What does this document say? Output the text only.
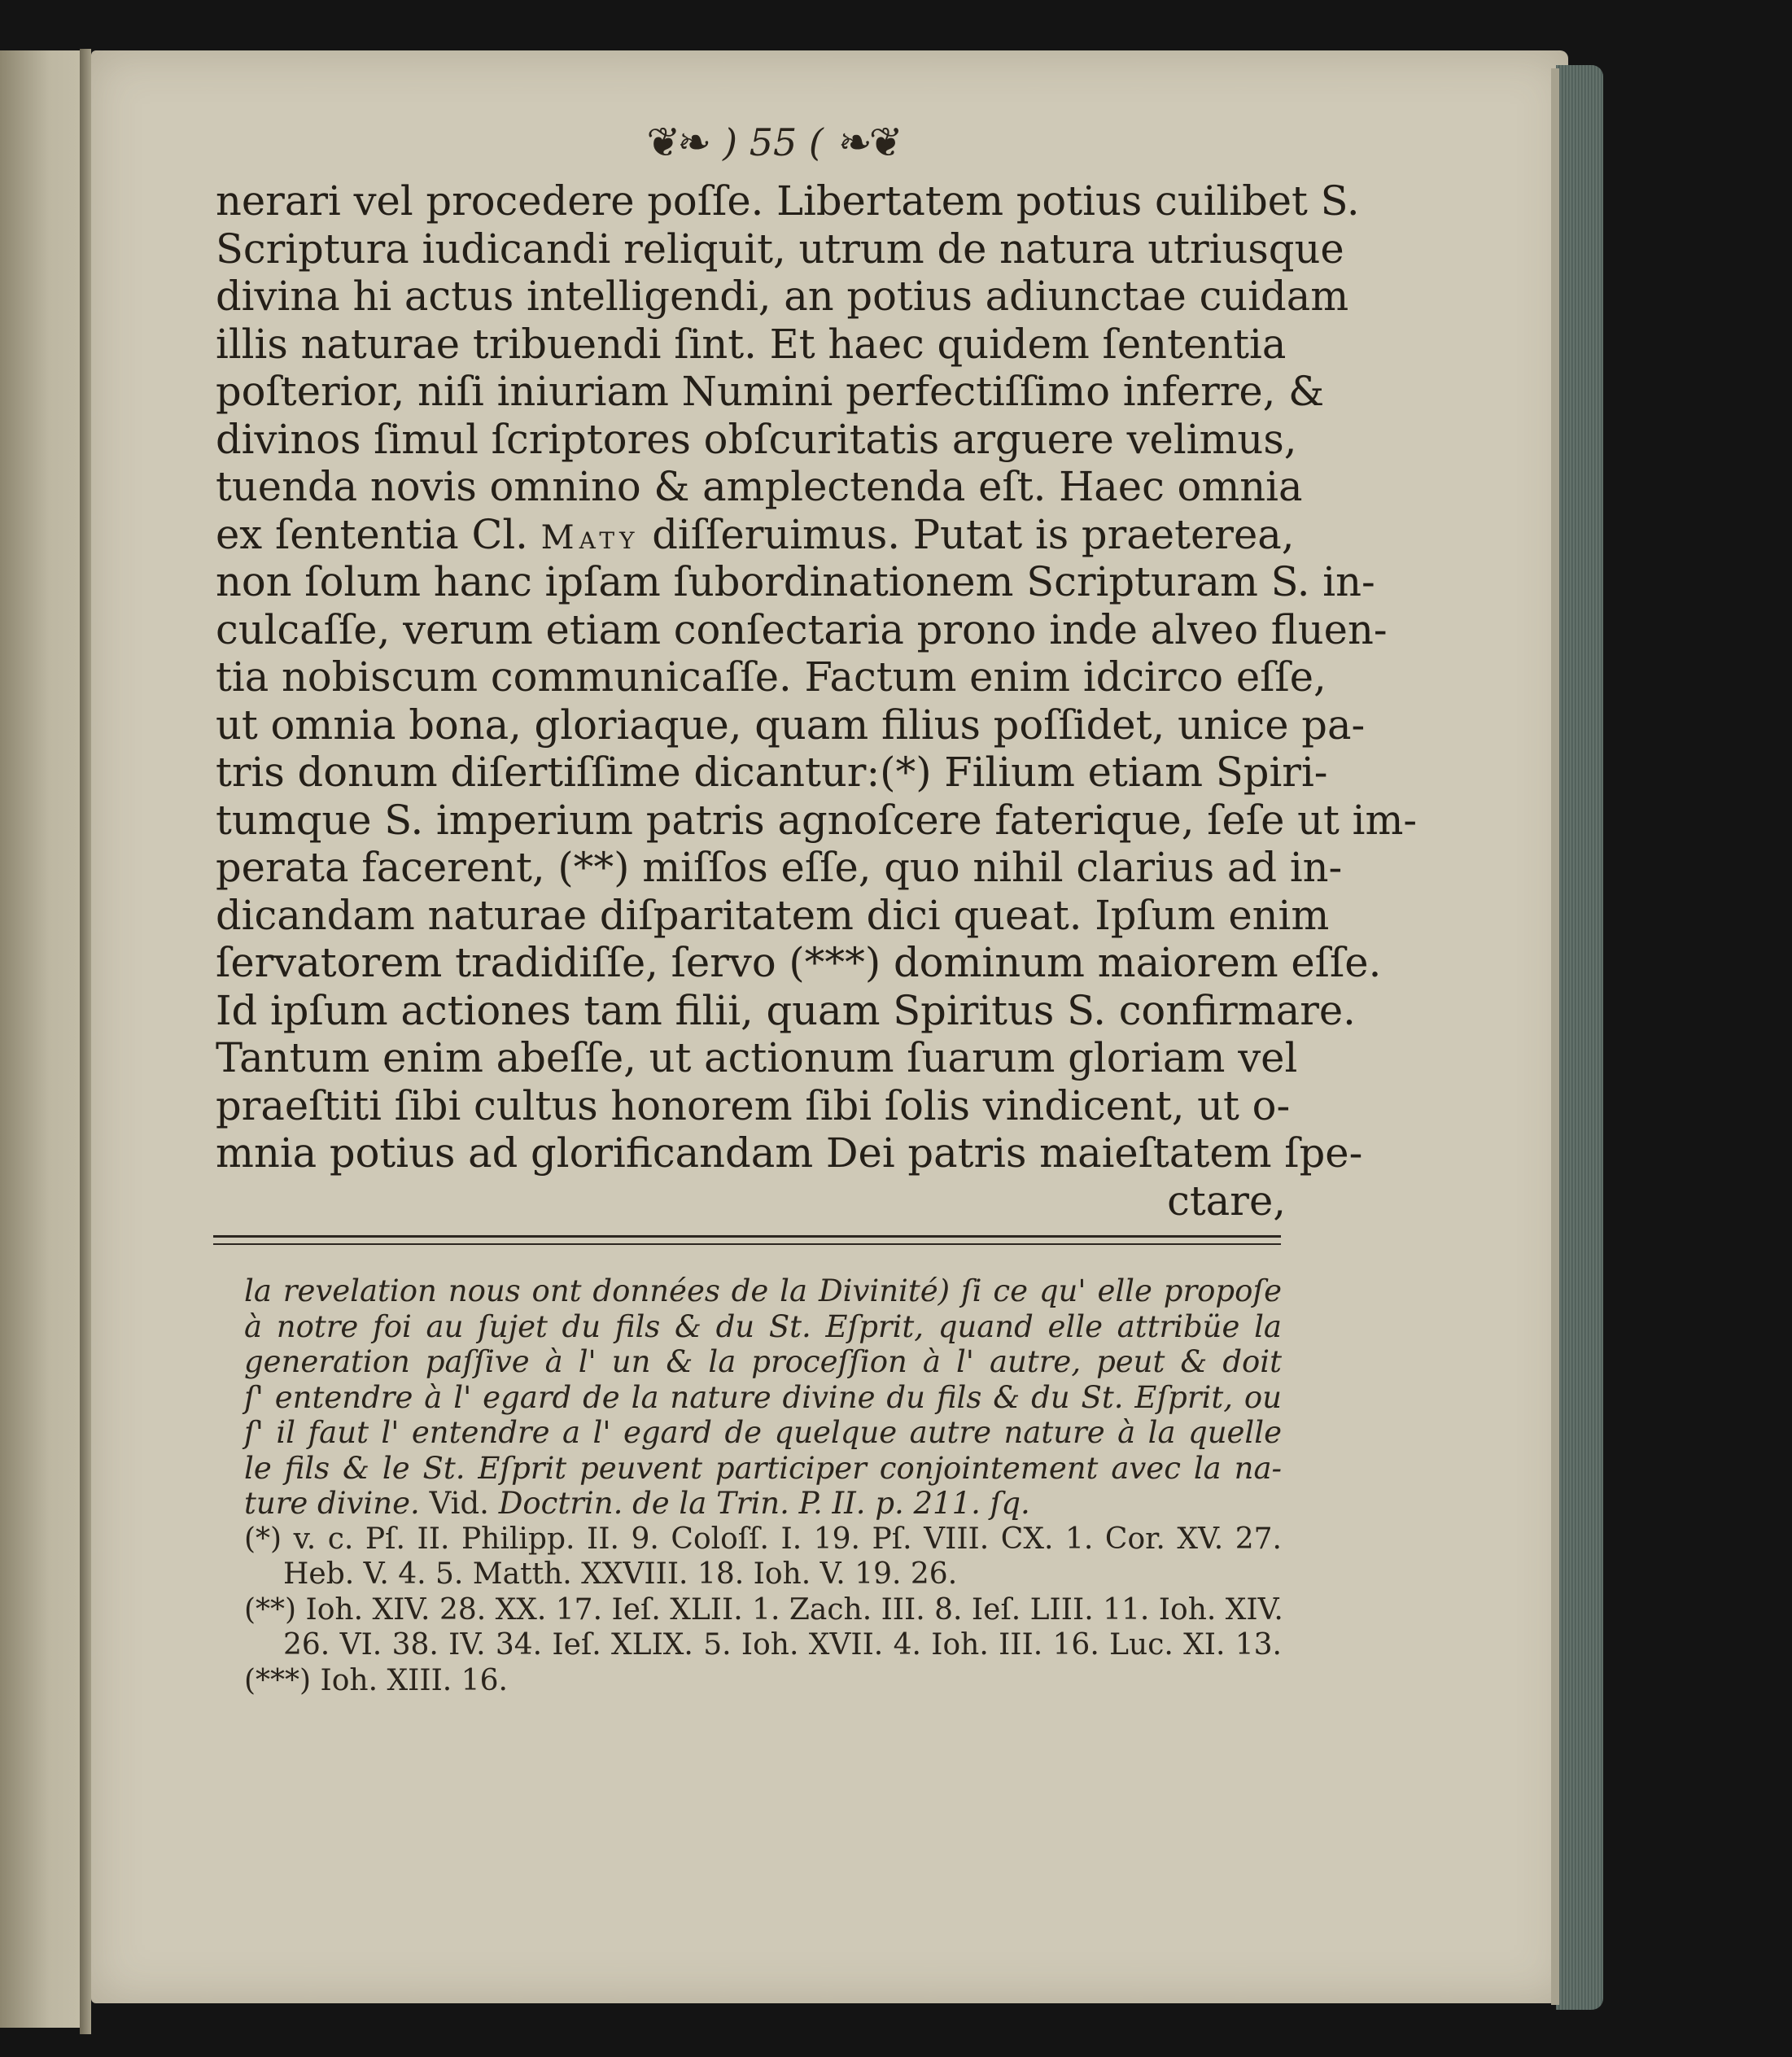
❦❧ ) 55 ( ❧❦
nerari vel procedere poſſe. Libertatem potius cuilibet S.
Scriptura iudicandi reliquit, utrum de natura utriusque
divina hi actus intelligendi, an potius adiunctae cuidam
illis naturae tribuendi ſint. Et haec quidem ſententia
poſterior, niſi iniuriam Numini perfectiſſimo inferre, &
divinos ſimul ſcriptores obſcuritatis arguere velimus,
tuenda novis omnino & amplectenda eſt. Haec omnia
ex ſententia Cl. Maty diſſeruimus. Putat is praeterea,
non ſolum hanc ipſam ſubordinationem Scripturam S. in-
culcaſſe, verum etiam conſectaria prono inde alveo fluen-
tia nobiscum communicaſſe. Factum enim idcirco eſſe,
ut omnia bona, gloriaque, quam filius poſſidet, unice pa-
tris donum diſertiſſime dicantur:(*) Filium etiam Spiri-
tumque S. imperium patris agnoſcere faterique, ſeſe ut im-
perata facerent, (**) miſſos eſſe, quo nihil clarius ad in-
dicandam naturae diſparitatem dici queat. Ipſum enim
ſervatorem tradidiſſe, ſervo (***) dominum maiorem eſſe.
Id ipſum actiones tam filii, quam Spiritus S. confirmare.
Tantum enim abeſſe, ut actionum ſuarum gloriam vel
praeſtiti ſibi cultus honorem ſibi ſolis vindicent, ut o-
mnia potius ad glorificandam Dei patris maieſtatem ſpe-
ctare,
la revelation nous ont données de la Divinité) ſi ce qu' elle propoſe
à notre foi au ſujet du fils & du St. Eſprit, quand elle attribüe la
generation paſſive à l' un & la proceſſion à l' autre, peut & doit
ſ' entendre à l' egard de la nature divine du fils & du St. Eſprit, ou
ſ' il faut l' entendre a l' egard de quelque autre nature à la quelle
le fils & le St. Eſprit peuvent participer conjointement avec la na-
ture divine. Vid. Doctrin. de la Trin. P. II. p. 211. ſq.
(*) v. c. Pſ. II. Philipp. II. 9. Coloſſ. I. 19. Pſ. VIII. CX. 1. Cor. XV. 27.
Heb. V. 4. 5. Matth. XXVIII. 18. Ioh. V. 19. 26.
(**) Ioh. XIV. 28. XX. 17. Ieſ. XLII. 1. Zach. III. 8. Ieſ. LIII. 11. Ioh. XIV.
26. VI. 38. IV. 34. Ieſ. XLIX. 5. Ioh. XVII. 4. Ioh. III. 16. Luc. XI. 13.
(***) Ioh. XIII. 16.
